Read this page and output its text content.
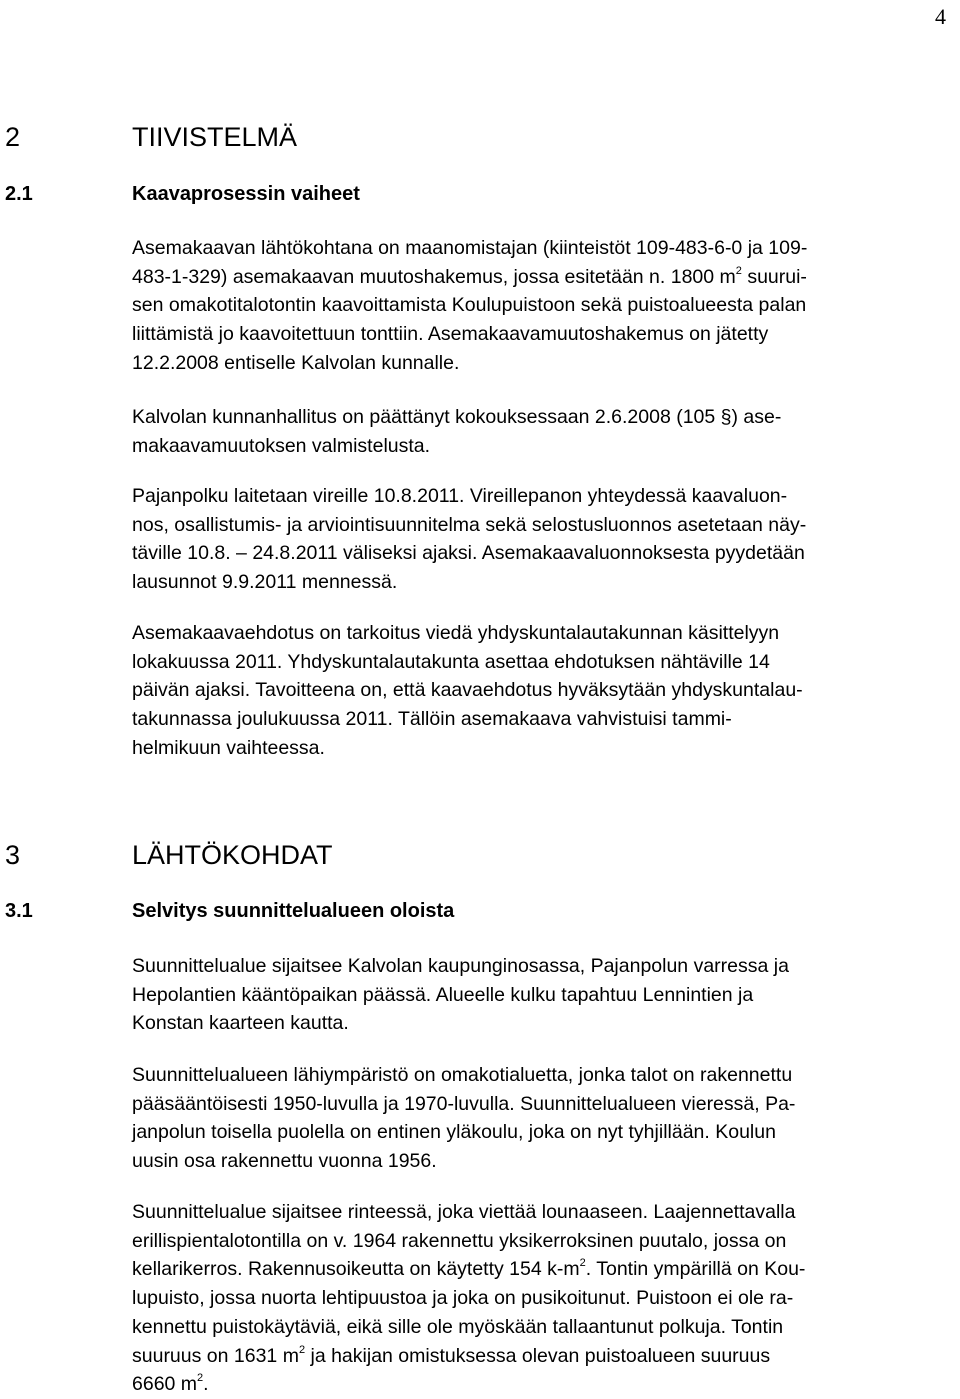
4
2	TIIVISTELMÄ
2.1	Kaavaprosessin vaiheet
Asemakaavan lähtökohtana on maanomistajan (kiinteistöt 109-483-6-0 ja 109-
483-1-329) asemakaavan muutoshakemus, jossa esitetään n. 1800 $m^2$ suurui-
sen omakotitalotontin kaavoittamista Koulupuistoon sekä puistoalueesta palan
liittämistä jo kaavoitettuun tonttiin. Asemakaavamuutoshakemus on jätetty
12.2.2008 entiselle Kalvolan kunnalle.
Kalvolan kunnanhallitus on päättänyt kokouksessaan 2.6.2008 (105 §) ase-
makaavamuutoksen valmistelusta.
Pajanpolku laitetaan vireille 10.8.2011. Vireillepanon yhteydessä kaavaluon-
nos, osallistumis- ja arviointisuunnitelma sekä selostusluonnos asetetaan näy-
täville 10.8. – 24.8.2011 väliseksi ajaksi. Asemakaavaluonnoksesta pyydetään
lausunnot 9.9.2011 mennessä.
Asemakaavaehdotus on tarkoitus viedä yhdyskuntalautakunnan käsittelyyn
lokakuussa 2011. Yhdyskuntalautakunta asettaa ehdotuksen nähtäville 14
päivän ajaksi. Tavoitteena on, että kaavaehdotus hyväksytään yhdyskuntalau-
takunnassa joulukuussa 2011. Tällöin asemakaava vahvistuisi tammi-
helmikuun vaihteessa.
3	LÄHTÖKOHDAT
3.1	Selvitys suunnittelualueen oloista
Suunnittelualue sijaitsee Kalvolan kaupunginosassa, Pajanpolun varressa ja
Hepolantien kääntöpaikan päässä. Alueelle kulku tapahtuu Lennintien ja
Konstan kaarteen kautta.
Suunnittelualueen lähiympäristö on omakotialuetta, jonka talot on rakennettu
pääsääntöisesti 1950-luvulla ja 1970-luvulla. Suunnittelualueen vieressä, Pa-
janpolun toisella puolella on entinen yläkoulu, joka on nyt tyhjillään. Koulun
uusin osa rakennettu vuonna 1956.
Suunnittelualue sijaitsee rinteessä, joka viettää lounaaseen. Laajennettavalla
erillispientalotontilla on v. 1964 rakennettu yksikerroksinen puutalo, jossa on
kellarikerros. Rakennusoikeutta on käytetty 154 $k-m^2$. Tontin ympärillä on Kou-
lupuisto, jossa nuorta lehtipuustoa ja joka on pusikoitunut. Puistoon ei ole ra-
kennettu puistokäytäviä, eikä sille ole myöskään tallaantunut polkuja. Tontin
suuruus on 1631 $m^2$ ja hakijan omistuksessa olevan puistoalueen suuruus
6660 $m^2$.
